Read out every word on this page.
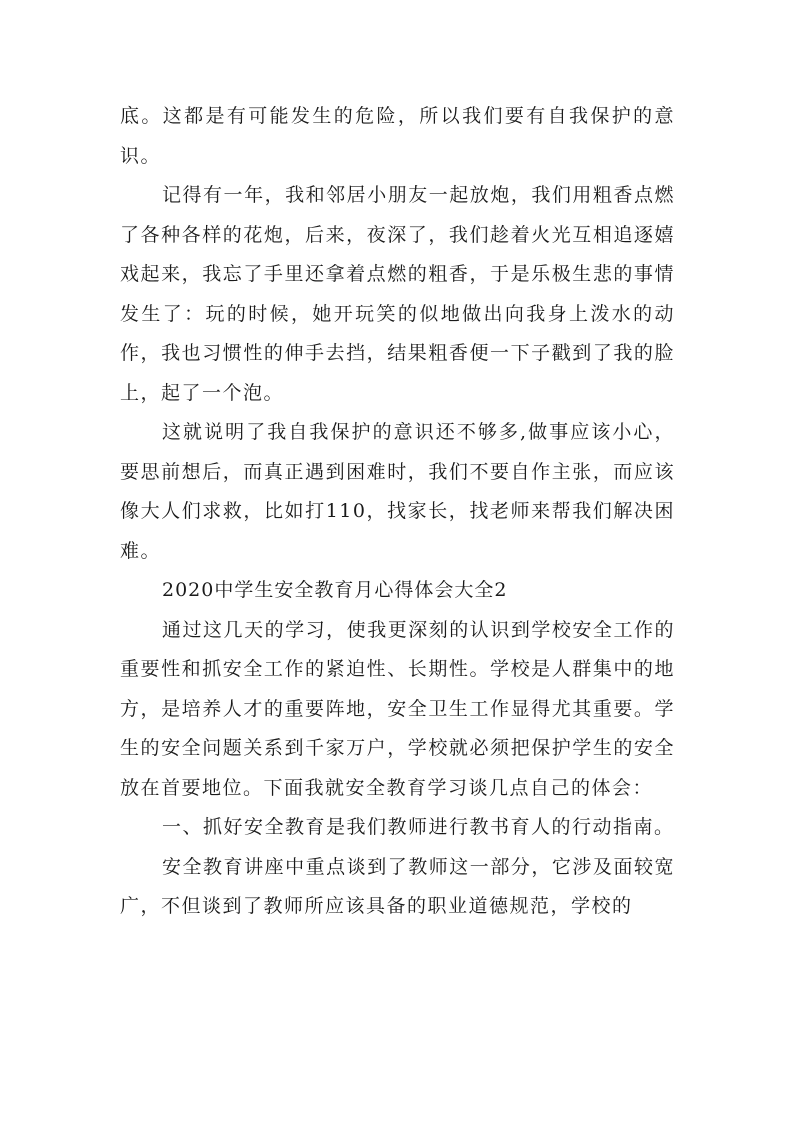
底。这都是有可能发生的危险，所以我们要有自我保护的意识。

记得有一年，我和邻居小朋友一起放炮，我们用粗香点燃了各种各样的花炮，后来，夜深了，我们趁着火光互相追逐嬉戏起来，我忘了手里还拿着点燃的粗香，于是乐极生悲的事情发生了：玩的时候，她开玩笑的似地做出向我身上泼水的动作，我也习惯性的伸手去挡，结果粗香便一下子戳到了我的脸上，起了一个泡。

这就说明了我自我保护的意识还不够多,做事应该小心，要思前想后，而真正遇到困难时，我们不要自作主张，而应该像大人们求救，比如打110，找家长，找老师来帮我们解决困难。

2020中学生安全教育月心得体会大全2

通过这几天的学习，使我更深刻的认识到学校安全工作的重要性和抓安全工作的紧迫性、长期性。学校是人群集中的地方，是培养人才的重要阵地，安全卫生工作显得尤其重要。学生的安全问题关系到千家万户，学校就必须把保护学生的安全放在首要地位。下面我就安全教育学习谈几点自己的体会：

一、抓好安全教育是我们教师进行教书育人的行动指南。

安全教育讲座中重点谈到了教师这一部分，它涉及面较宽广，不但谈到了教师所应该具备的职业道德规范，学校的
